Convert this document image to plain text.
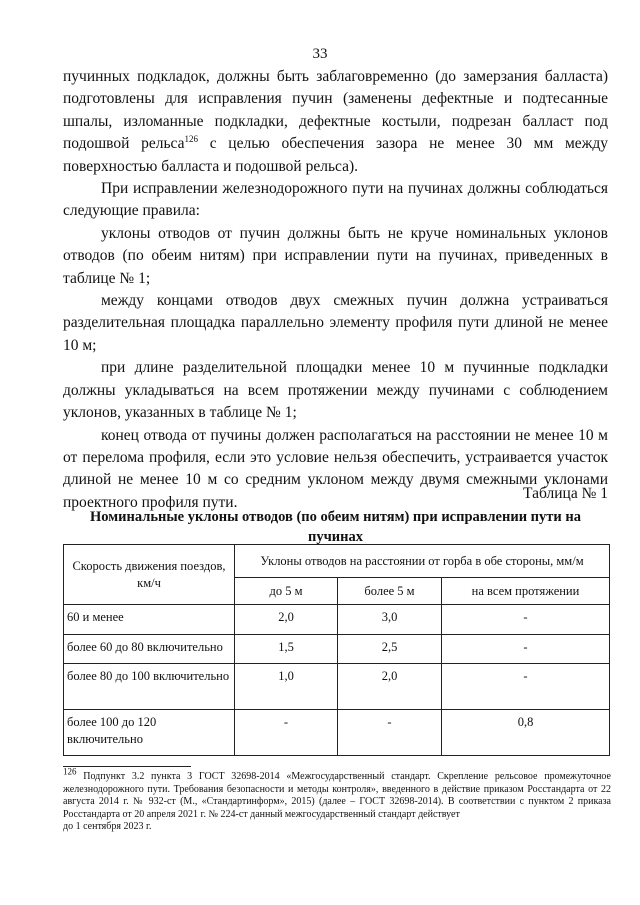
33

пучинных подкладок, должны быть заблаговременно (до замерзания балласта) подготовлены для исправления пучин (заменены дефектные и подтесанные шпалы, изломанные подкладки, дефектные костыли, подрезан балласт под подошвой рельса$^{126}$ с целью обеспечения зазора не менее 30 мм между поверхностью балласта и подошвой рельса).

При исправлении железнодорожного пути на пучинах должны соблюдаться следующие правила:

уклоны отводов от пучин должны быть не круче номинальных уклонов отводов (по обеим нитям) при исправлении пути на пучинах, приведенных в таблице № 1;

между концами отводов двух смежных пучин должна устраиваться разделительная площадка параллельно элементу профиля пути длиной не менее 10 м;

при длине разделительной площадки менее 10 м пучинные подкладки должны укладываться на всем протяжении между пучинами с соблюдением уклонов, указанных в таблице № 1;

конец отвода от пучины должен располагаться на расстоянии не менее 10 м от перелома профиля, если это условие нельзя обеспечить, устраивается участок длиной не менее 10 м со средним уклоном между двумя смежными уклонами проектного профиля пути.

Таблица № 1
Номинальные уклоны отводов (по обеим нитям) при исправлении пути на пучинах
Скорость движения поездов, км/ч	Уклоны отводов на расстоянии от горба в обе стороны, мм/м		
	до 5 м	более 5 м	на всем протяжении
60 и менее	2,0	3,0	-
более 60 до 80 включительно	1,5	2,5	-
более 80 до 100 включительно	1,0	2,0	-
более 100 до 120 включительно	-	-	0,8

$^{126}$ Подпункт 3.2 пункта 3 ГОСТ 32698-2014 «Межгосударственный стандарт. Скрепление рельсовое промежуточное железнодорожного пути. Требования безопасности и методы контроля», введенного в действие приказом Росстандарта от 22 августа 2014 г. № 932-ст (М., «Стандартинформ», 2015) (далее – ГОСТ 32698-2014). В соответствии с пунктом 2 приказа Росстандарта от 20 апреля 2021 г. № 224-ст данный межгосударственный стандарт действует

до 1 сентября 2023 г.
